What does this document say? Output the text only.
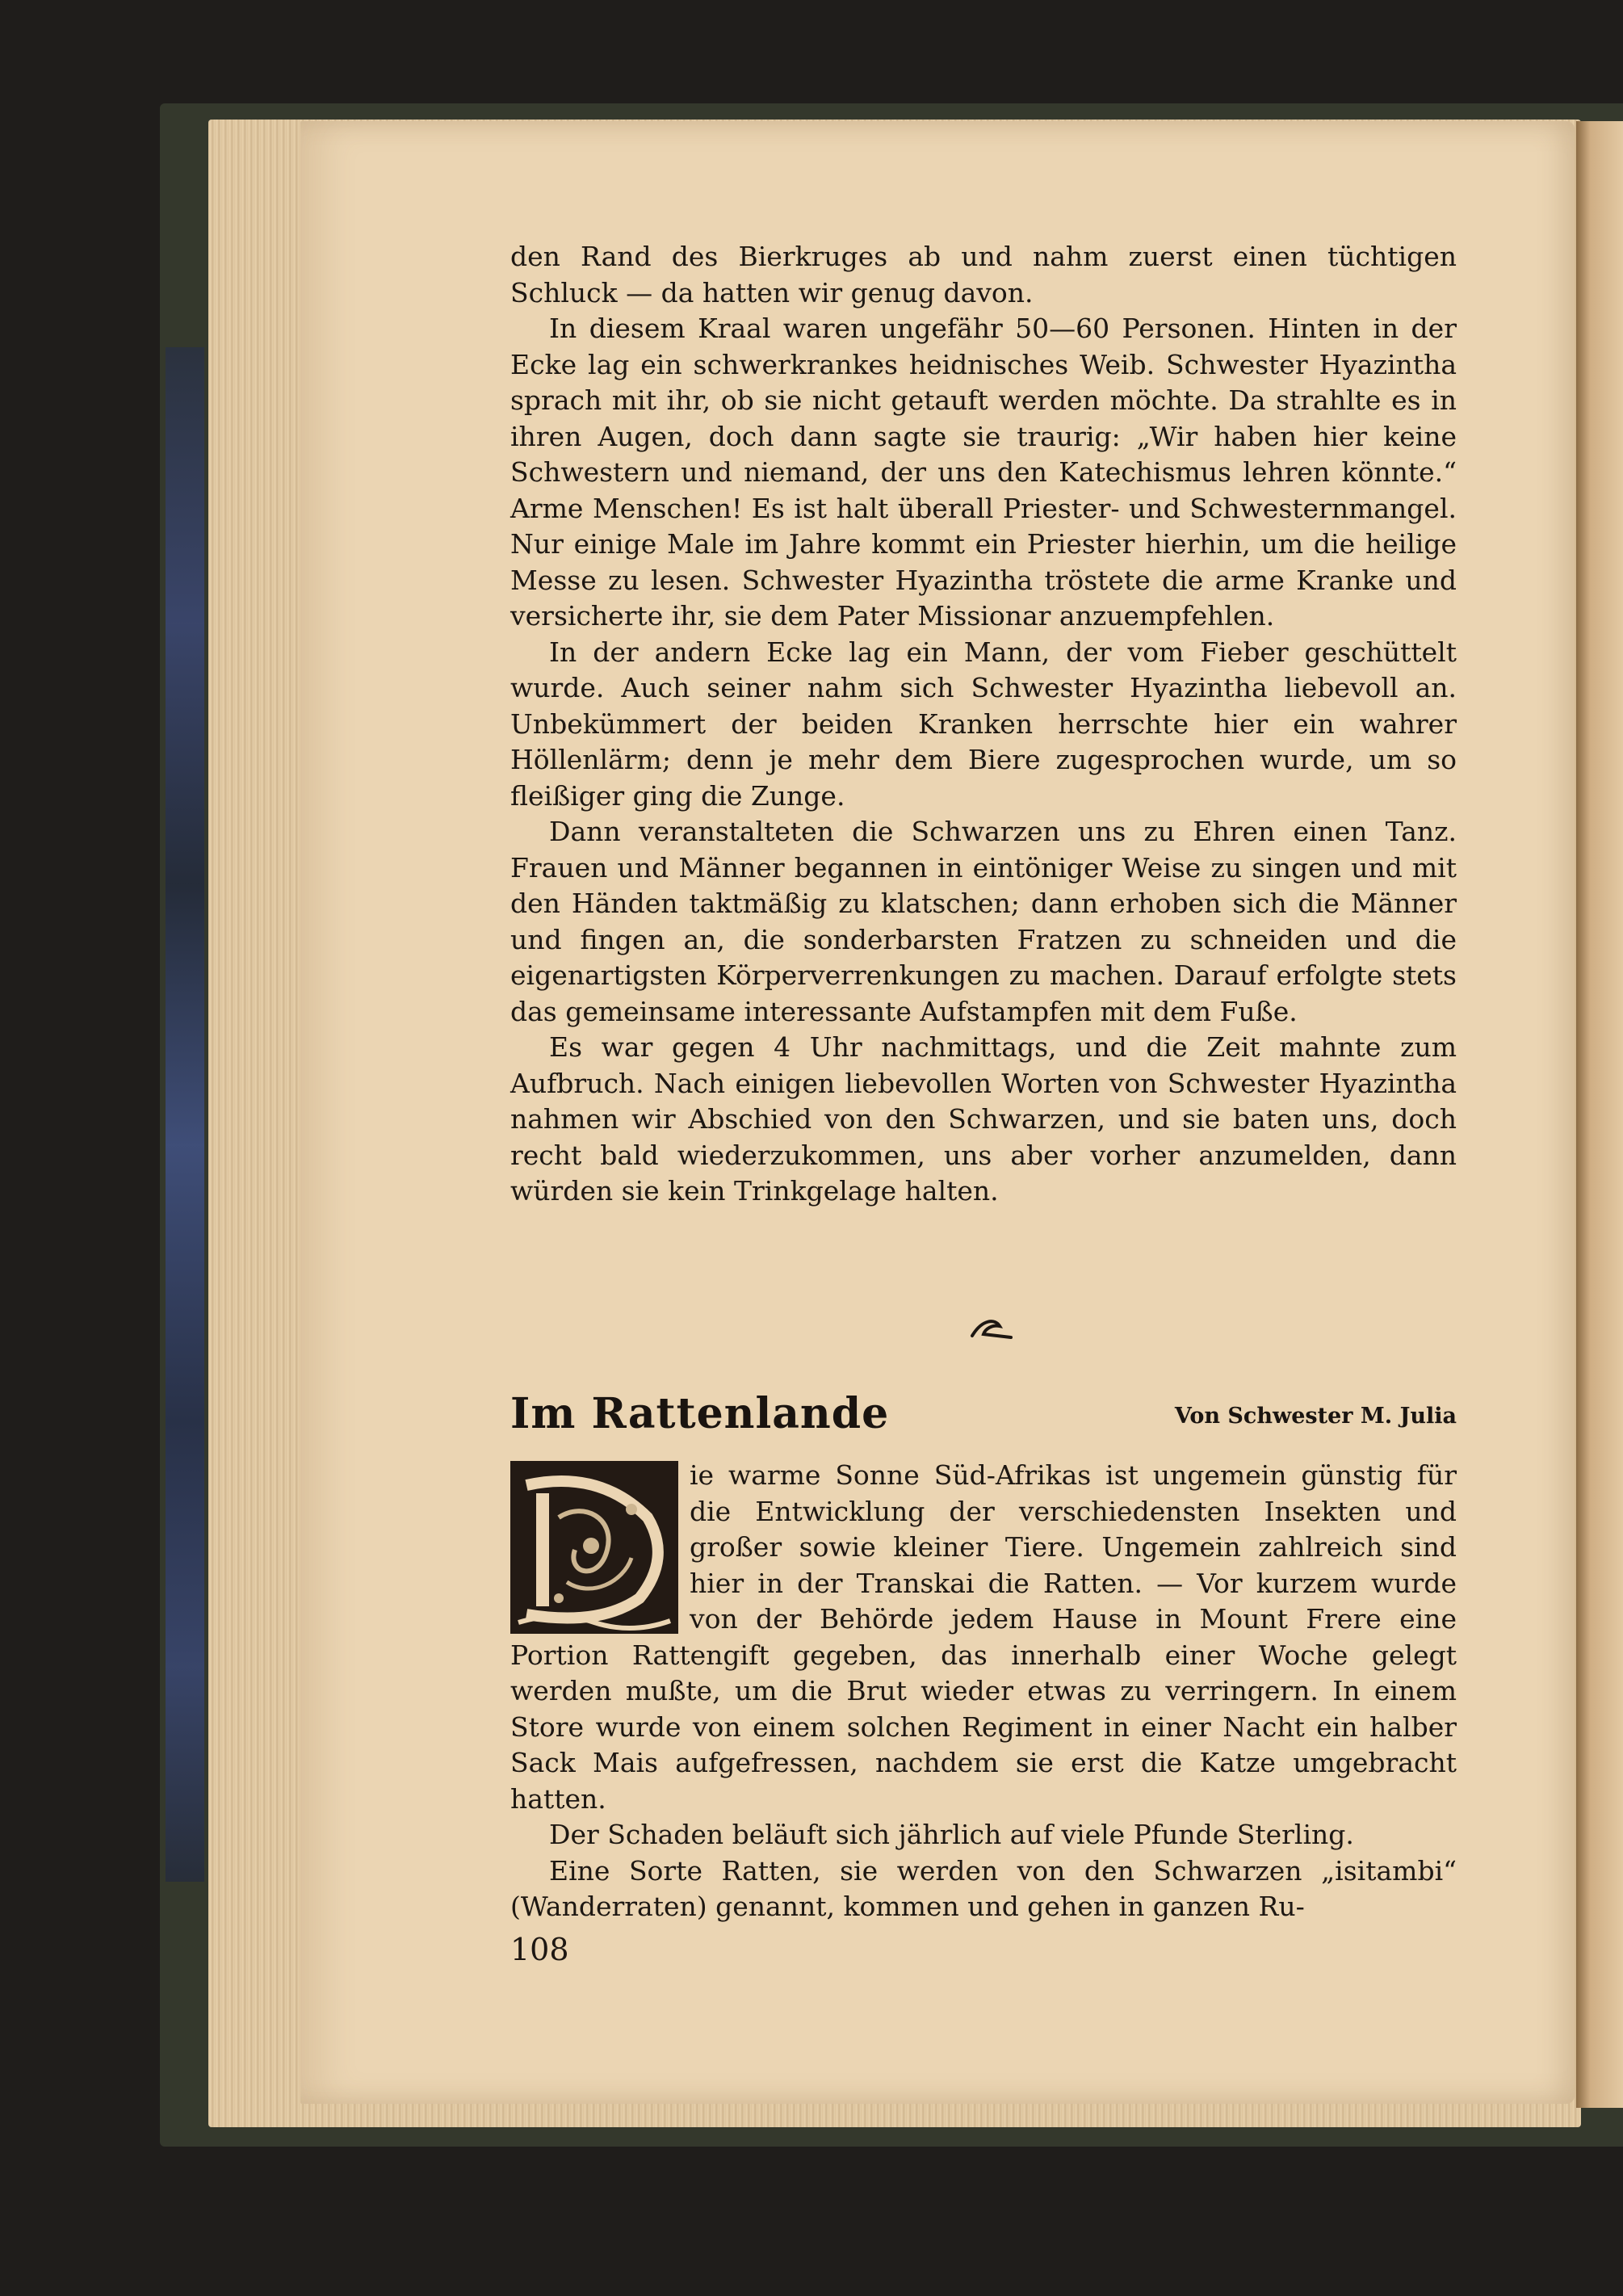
den Rand des Bierkruges ab und nahm zuerst einen tüchtigen Schluck — da hatten wir genug davon.

In diesem Kraal waren ungefähr 50—60 Personen. Hinten in der Ecke lag ein schwerkrankes heidnisches Weib. Schwester Hyazintha sprach mit ihr, ob sie nicht getauft werden möchte. Da strahlte es in ihren Augen, doch dann sagte sie traurig: „Wir haben hier keine Schwestern und niemand, der uns den Katechismus lehren könnte.“ Arme Menschen! Es ist halt überall Priester- und Schwesternmangel. Nur einige Male im Jahre kommt ein Priester hierhin, um die heilige Messe zu lesen. Schwester Hyazintha tröstete die arme Kranke und versicherte ihr, sie dem Pater Missionar anzuempfehlen.

In der andern Ecke lag ein Mann, der vom Fieber geschüttelt wurde. Auch seiner nahm sich Schwester Hyazintha liebevoll an. Unbekümmert der beiden Kranken herrschte hier ein wahrer Höllenlärm; denn je mehr dem Biere zugesprochen wurde, um so fleißiger ging die Zunge.

Dann veranstalteten die Schwarzen uns zu Ehren einen Tanz. Frauen und Männer begannen in eintöniger Weise zu singen und mit den Händen taktmäßig zu klatschen; dann erhoben sich die Männer und fingen an, die sonderbarsten Fratzen zu schneiden und die eigenartigsten Körperverrenkungen zu machen. Darauf erfolgte stets das gemeinsame interessante Aufstampfen mit dem Fuße.

Es war gegen 4 Uhr nachmittags, und die Zeit mahnte zum Aufbruch. Nach einigen liebevollen Worten von Schwester Hyazintha nahmen wir Abschied von den Schwarzen, und sie baten uns, doch recht bald wiederzukommen, uns aber vorher anzumelden, dann würden sie kein Trinkgelage halten.

Im Rattenlande	Von Schwester M. Julia

ie warme Sonne Süd-Afrikas ist ungemein günstig für die Entwicklung der verschiedensten Insekten und großer sowie kleiner Tiere. Ungemein zahlreich sind hier in der Transkai die Ratten. — Vor kurzem wurde von der Behörde jedem Hause in Mount Frere eine Portion Rattengift gegeben, das innerhalb einer Woche gelegt werden mußte, um die Brut wieder etwas zu verringern. In einem Store wurde von einem solchen Regiment in einer Nacht ein halber Sack Mais aufgefressen, nachdem sie erst die Katze umgebracht hatten.

Der Schaden beläuft sich jährlich auf viele Pfunde Sterling.

Eine Sorte Ratten, sie werden von den Schwarzen „isitambi“ (Wanderraten) genannt, kommen und gehen in ganzen Ru-

108
